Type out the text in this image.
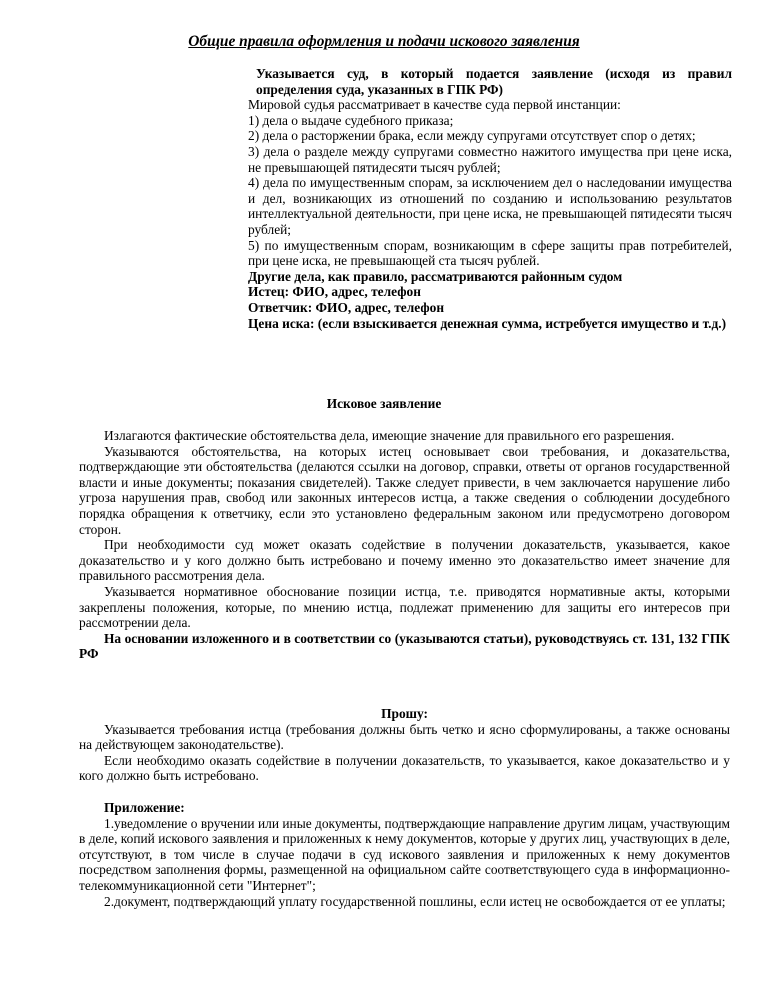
Общие правила оформления и подачи искового заявления

Указывается суд, в который подается заявление (исходя из правил определения суда, указанных в ГПК РФ)

Мировой судья рассматривает в качестве суда первой инстанции:

1) дела о выдаче судебного приказа;

2) дела о расторжении брака, если между супругами отсутствует спор о детях;

3) дела о разделе между супругами совместно нажитого имущества при цене иска, не превышающей пятидесяти тысяч рублей;

4) дела по имущественным спорам, за исключением дел о наследовании имущества и дел, возникающих из отношений по созданию и использованию результатов интеллектуальной деятельности, при цене иска, не превышающей пятидесяти тысяч рублей;

5) по имущественным спорам, возникающим в сфере защиты прав потребителей, при цене иска, не превышающей ста тысяч рублей.

Другие дела, как правило, рассматриваются районным судом

Истец: ФИО, адрес, телефон

Ответчик: ФИО, адрес, телефон

Цена иска: (если взыскивается денежная сумма, истребуется имущество и т.д.)

Исковое заявление

Излагаются фактические обстоятельства дела, имеющие значение для правильного его разрешения.

Указываются обстоятельства, на которых истец основывает свои требования, и доказательства, подтверждающие эти обстоятельства (делаются ссылки на договор, справки, ответы от органов государственной власти и иные документы; показания свидетелей). Также следует привести, в чем заключается нарушение либо угроза нарушения прав, свобод или законных интересов истца, а также сведения о соблюдении досудебного порядка обращения к ответчику, если это установлено федеральным законом или предусмотрено договором сторон.

При необходимости суд может оказать содействие в получении доказательств, указывается, какое доказательство и у кого должно быть истребовано и почему именно это доказательство имеет значение для правильного рассмотрения дела.

Указывается нормативное обоснование позиции истца, т.е. приводятся нормативные акты, которыми закреплены положения, которые, по мнению истца, подлежат применению для защиты его интересов при рассмотрении дела.

На основании изложенного и в соответствии со (указываются статьи), руководствуясь ст. 131, 132 ГПК РФ

Прошу:

Указывается требования истца (требования должны быть четко и ясно сформулированы, а также основаны на действующем законодательстве).

Если необходимо оказать содействие в получении доказательств, то указывается, какое доказательство и у кого должно быть истребовано.

Приложение:

1.уведомление о вручении или иные документы, подтверждающие направление другим лицам, участвующим в деле, копий искового заявления и приложенных к нему документов, которые у других лиц, участвующих в деле, отсутствуют, в том числе в случае подачи в суд искового заявления и приложенных к нему документов посредством заполнения формы, размещенной на официальном сайте соответствующего суда в информационно-телекоммуникационной сети "Интернет";

2.документ, подтверждающий уплату государственной пошлины, если истец не освобождается от ее уплаты;
